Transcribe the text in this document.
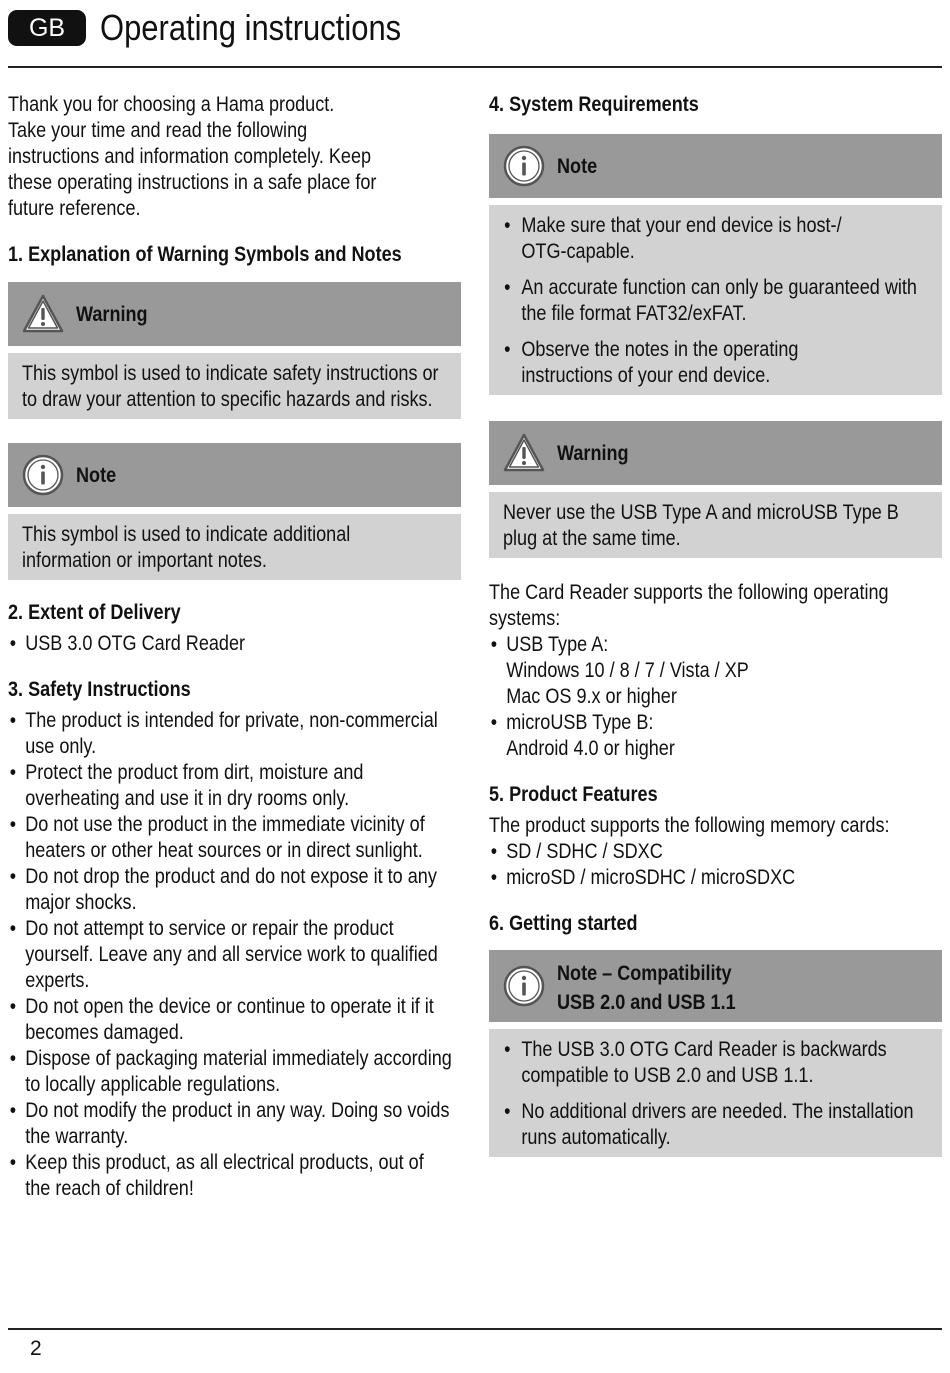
GB Operating instructions

Thank you for choosing a Hama product.

Take your time and read the following instructions and information completely. Keep these operating instructions in a safe place for future reference.

1. Explanation of Warning Symbols and Notes
Warning
This symbol is used to indicate safety instructions or to draw your attention to specific hazards and risks.
Note
This symbol is used to indicate additional information or important notes.
2. Extent of Delivery
• USB 3.0 OTG Card Reader
3. Safety Instructions
• The product is intended for private, non-commercial use only.
• Protect the product from dirt, moisture and overheating and use it in dry rooms only.
• Do not use the product in the immediate vicinity of heaters or other heat sources or in direct sunlight.
• Do not drop the product and do not expose it to any major shocks.
• Do not attempt to service or repair the product yourself. Leave any and all service work to qualified experts.
• Do not open the device or continue to operate it if it becomes damaged.
• Dispose of packaging material immediately according to locally applicable regulations.
• Do not modify the product in any way. Doing so voids the warranty.
• Keep this product, as all electrical products, out of the reach of children!
4. System Requirements
Note
• Make sure that your end device is host-/ OTG-capable.
• An accurate function can only be guaranteed with the file format FAT32/exFAT.
• Observe the notes in the operating instructions of your end device.
Warning
Never use the USB Type A and microUSB Type B plug at the same time.
The Card Reader supports the following operating systems:
• USB Type A:
Windows 10 / 8 / 7 / Vista / XP
Mac OS 9.x or higher
• microUSB Type B:
Android 4.0 or higher
5. Product Features
The product supports the following memory cards:
• SD / SDHC / SDXC
• microSD / microSDHC / microSDXC
6. Getting started
Note – Compatibility
USB 2.0 and USB 1.1
• The USB 3.0 OTG Card Reader is backwards compatible to USB 2.0 and USB 1.1.
• No additional drivers are needed. The installation runs automatically.
2
